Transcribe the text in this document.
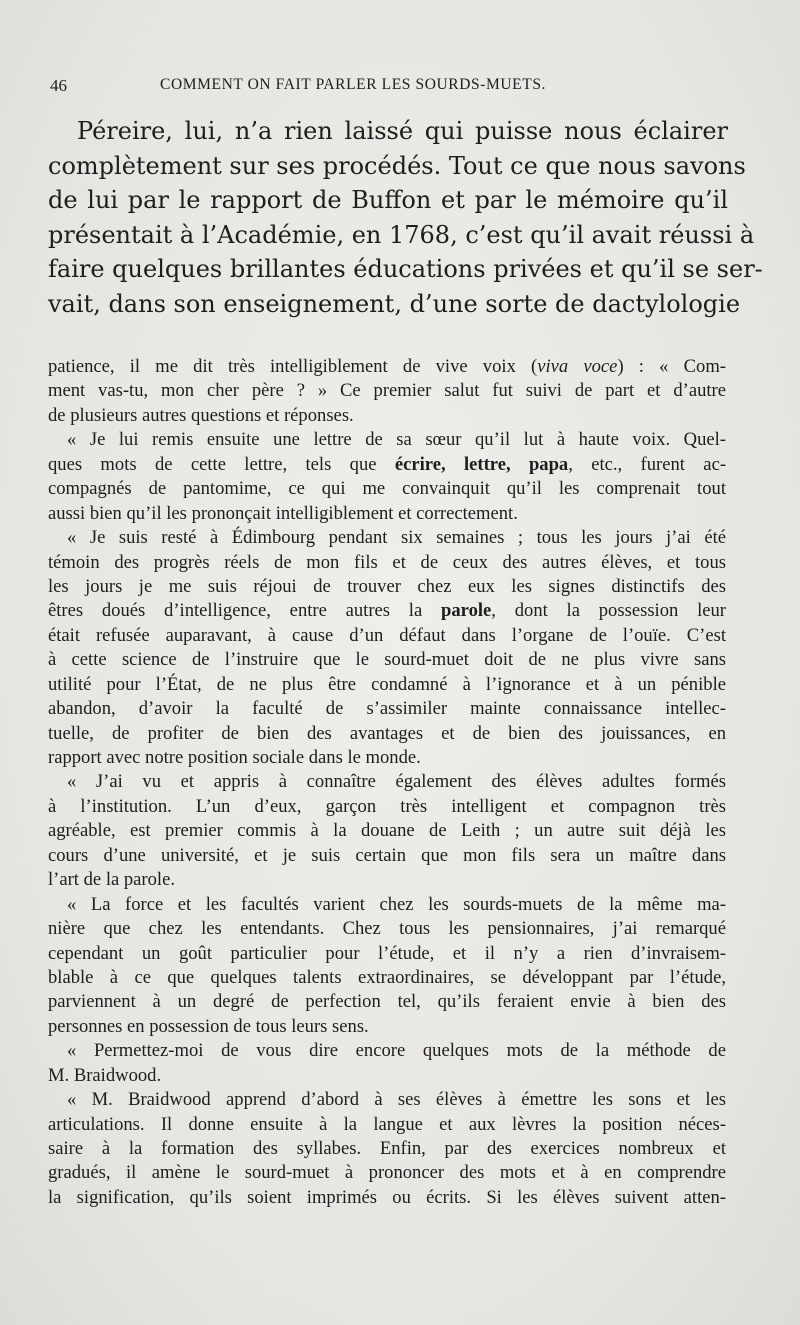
46	COMMENT ON FAIT PARLER LES SOURDS-MUETS.
Péreire, lui, n’a rien laissé qui puisse nous éclairer
complètement sur ses procédés. Tout ce que nous savons
de lui par le rapport de Buffon et par le mémoire qu’il
présentait à l’Académie, en 1768, c’est qu’il avait réussi à
faire quelques brillantes éducations privées et qu’il se ser-
vait, dans son enseignement, d’une sorte de dactylologie
patience, il me dit très intelligiblement de vive voix (viva voce) : « Com-
ment vas-tu, mon cher père ? » Ce premier salut fut suivi de part et d’autre
de plusieurs autres questions et réponses.
« Je lui remis ensuite une lettre de sa sœur qu’il lut à haute voix. Quel-
ques mots de cette lettre, tels que écrire, lettre, papa, etc., furent ac-
compagnés de pantomime, ce qui me convainquit qu’il les comprenait tout
aussi bien qu’il les prononçait intelligiblement et correctement.
« Je suis resté à Édimbourg pendant six semaines ; tous les jours j’ai été
témoin des progrès réels de mon fils et de ceux des autres élèves, et tous
les jours je me suis réjoui de trouver chez eux les signes distinctifs des
êtres doués d’intelligence, entre autres la parole, dont la possession leur
était refusée auparavant, à cause d’un défaut dans l’organe de l’ouïe. C’est
à cette science de l’instruire que le sourd-muet doit de ne plus vivre sans
utilité pour l’État, de ne plus être condamné à l’ignorance et à un pénible
abandon, d’avoir la faculté de s’assimiler mainte connaissance intellec-
tuelle, de profiter de bien des avantages et de bien des jouissances, en
rapport avec notre position sociale dans le monde.
« J’ai vu et appris à connaître également des élèves adultes formés
à l’institution. L’un d’eux, garçon très intelligent et compagnon très
agréable, est premier commis à la douane de Leith ; un autre suit déjà les
cours d’une université, et je suis certain que mon fils sera un maître dans
l’art de la parole.
« La force et les facultés varient chez les sourds-muets de la même ma-
nière que chez les entendants. Chez tous les pensionnaires, j’ai remarqué
cependant un goût particulier pour l’étude, et il n’y a rien d’invraisem-
blable à ce que quelques talents extraordinaires, se développant par l’étude,
parviennent à un degré de perfection tel, qu’ils feraient envie à bien des
personnes en possession de tous leurs sens.
« Permettez-moi de vous dire encore quelques mots de la méthode de
M. Braidwood.
« M. Braidwood apprend d’abord à ses élèves à émettre les sons et les
articulations. Il donne ensuite à la langue et aux lèvres la position néces-
saire à la formation des syllabes. Enfin, par des exercices nombreux et
gradués, il amène le sourd-muet à prononcer des mots et à en comprendre
la signification, qu’ils soient imprimés ou écrits. Si les élèves suivent atten-
